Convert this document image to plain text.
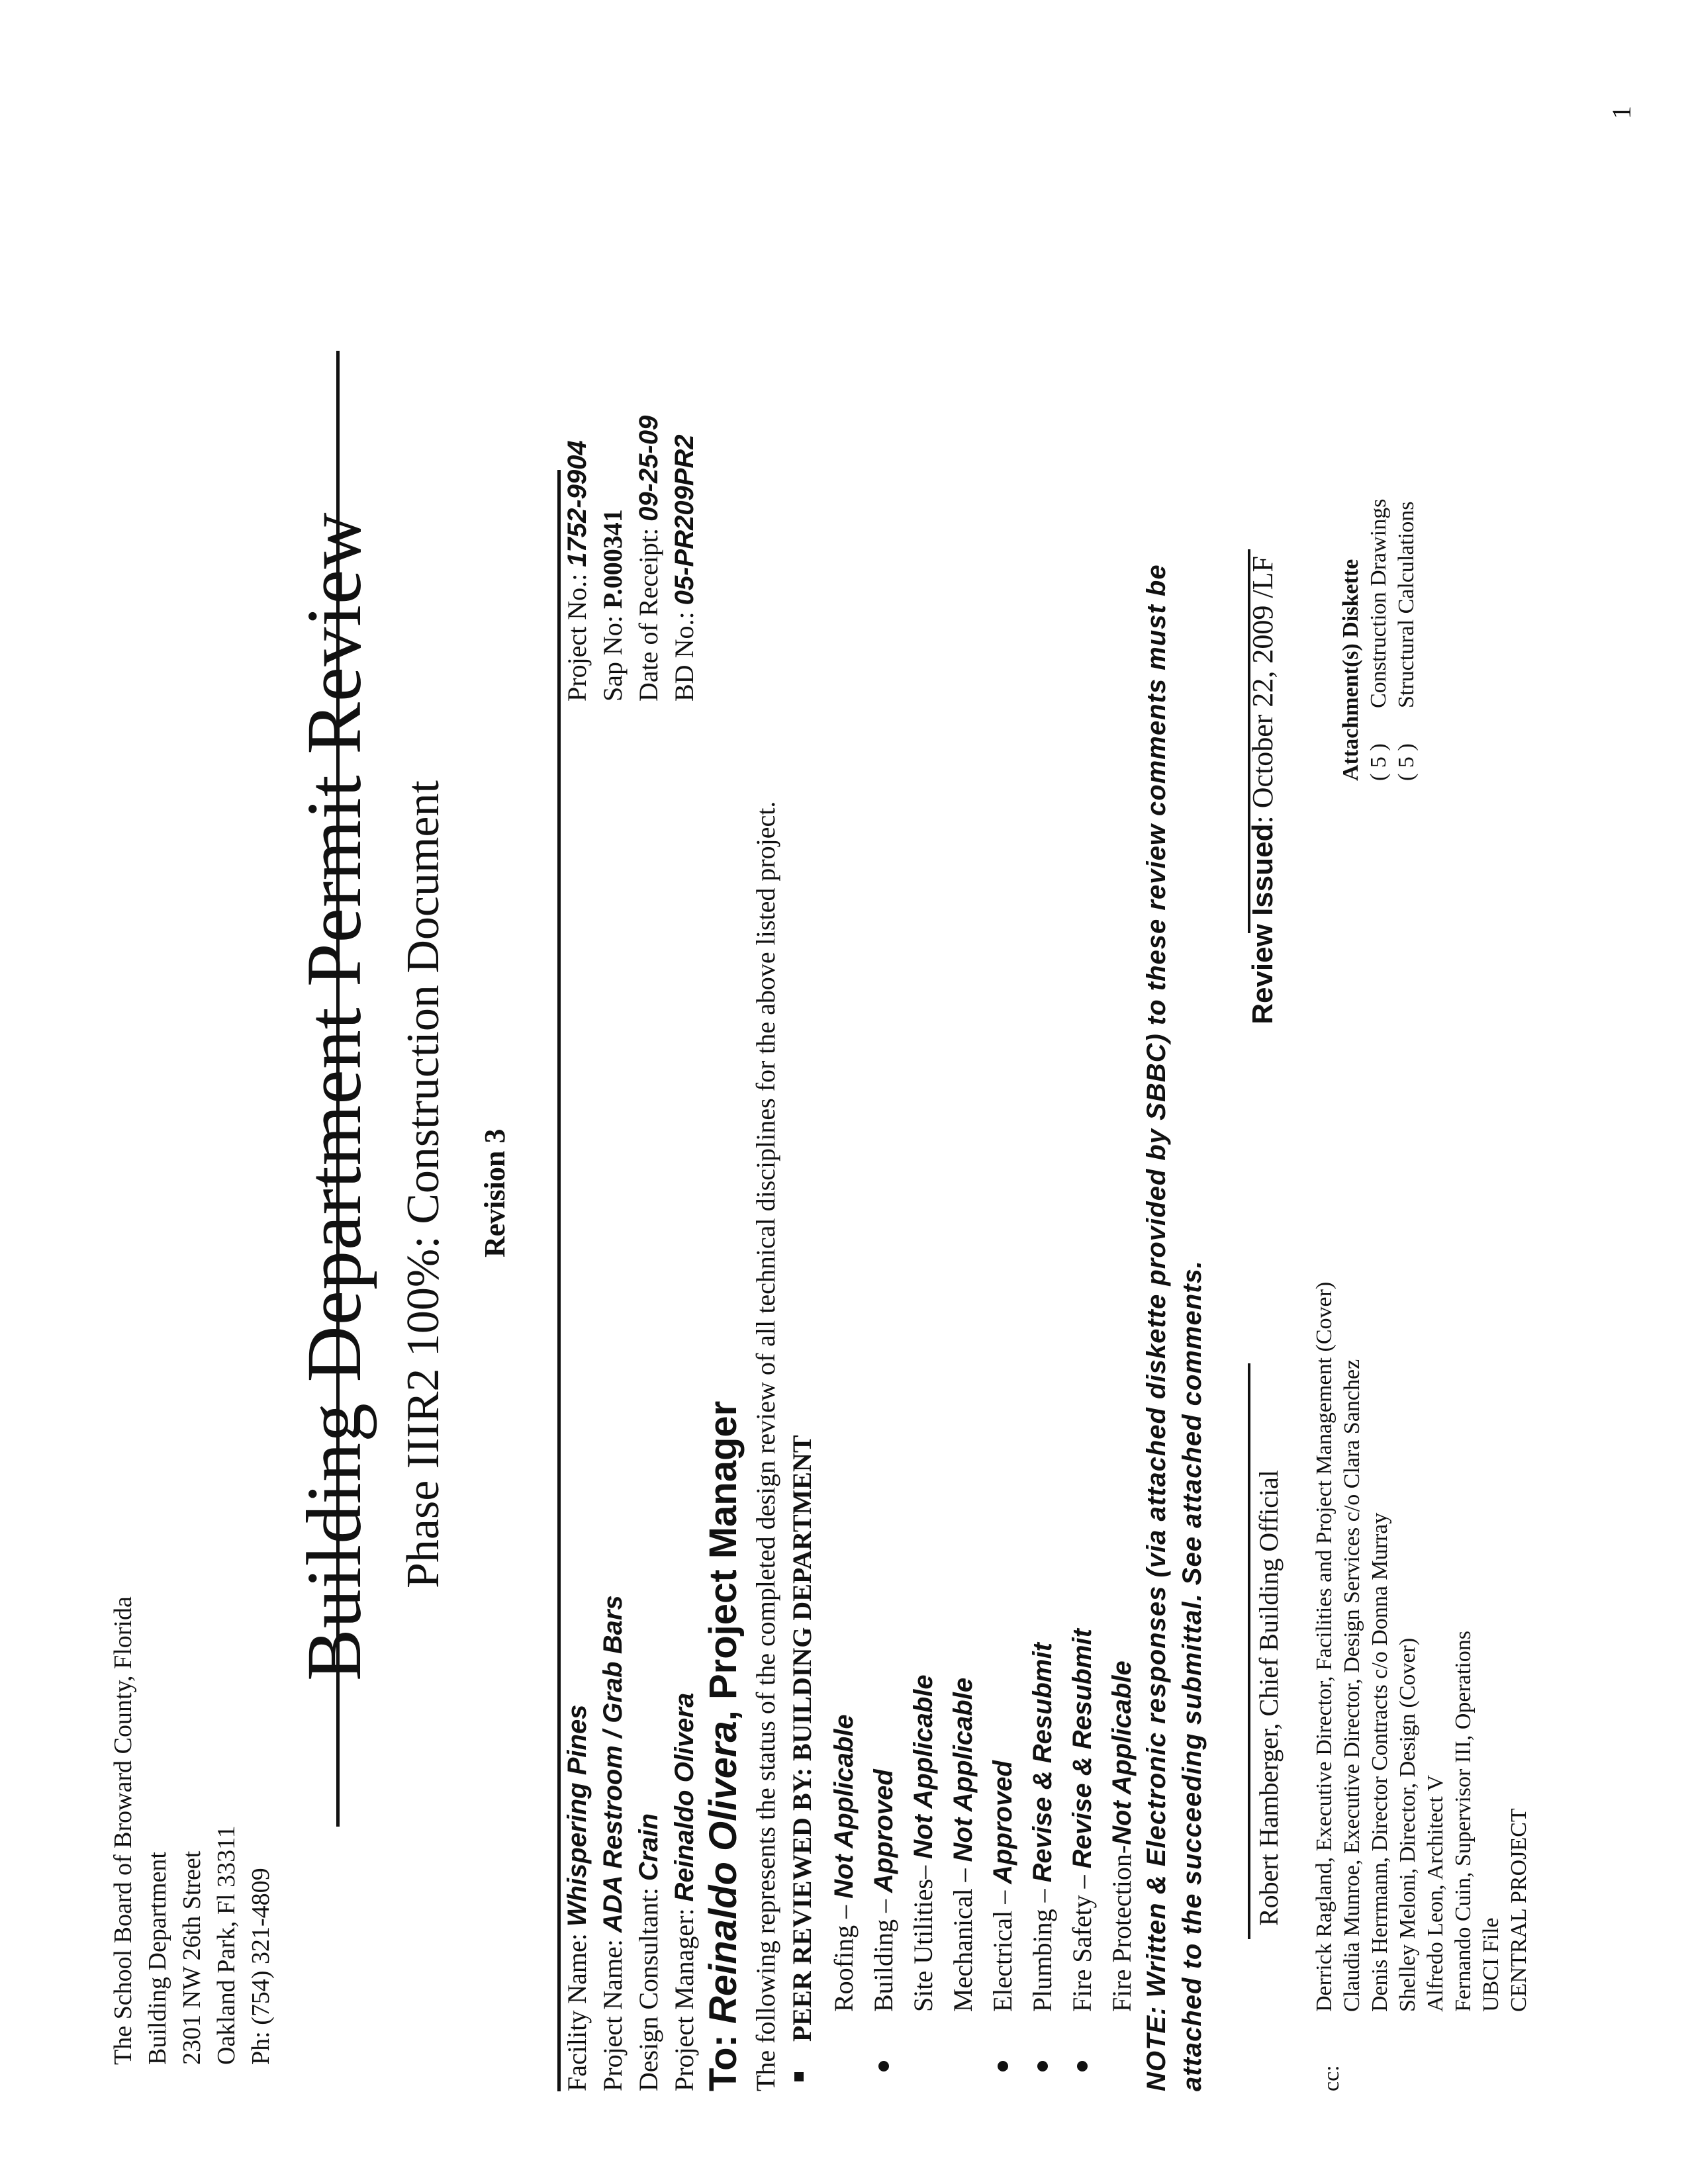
The School Board of Broward County, Florida Building Department 2301 NW 26th Street Oakland Park, Fl 33311 Ph: (754) 321-4809
Building Department Permit Review Phase IIIR2 100%: Construction Document Revision 3
Facility Name: Whispering Pines
Project Name: ADA Restroom / Grab Bars
Design Consultant: Crain
Project Manager: Reinaldo Olivera
Project No.: 1752-9904
Sap No: P.000341 Date of Receipt: 09-25-09
BD No.: 05-PR209PR2
To: Reinaldo Olivera, Project Manager The following represents the status of the completed design review of all technical disciplines for the above listed project. PEER REVIEWED BY: BUILDING DEPARTMENT Roofing – Not Applicable
Building – Approved
Site Utilities– Not Applicable
Mechanical – Not Applicable
Electrical – Approved
Plumbing – Revise & Resubmit
Fire Safety – Revise & Resubmit
Fire Protection-Not Applicable NOTE: Written & Electronic responses (via attached diskette provided by SBBC) to these review comments must be attached to the succeeding submittal. See attached comments. Robert Hamberger, Chief Building Official
Review Issued: October 22, 2009 /LF
cc:
Derrick Ragland, Executive Director, Facilities and Project Management (Cover) Claudia Munroe, Executive Director, Design Services c/o Clara Sanchez Denis Herrmann, Director Contracts c/o Donna Murray Shelley Meloni, Director, Design (Cover) Alfredo Leon, Architect V Fernando Cuin, Supervisor III, Operations UBCI File CENTRAL PROJECT
Attachment(s) Diskette ( 5 )Construction Drawings
( 5 )Structural Calculations
1
